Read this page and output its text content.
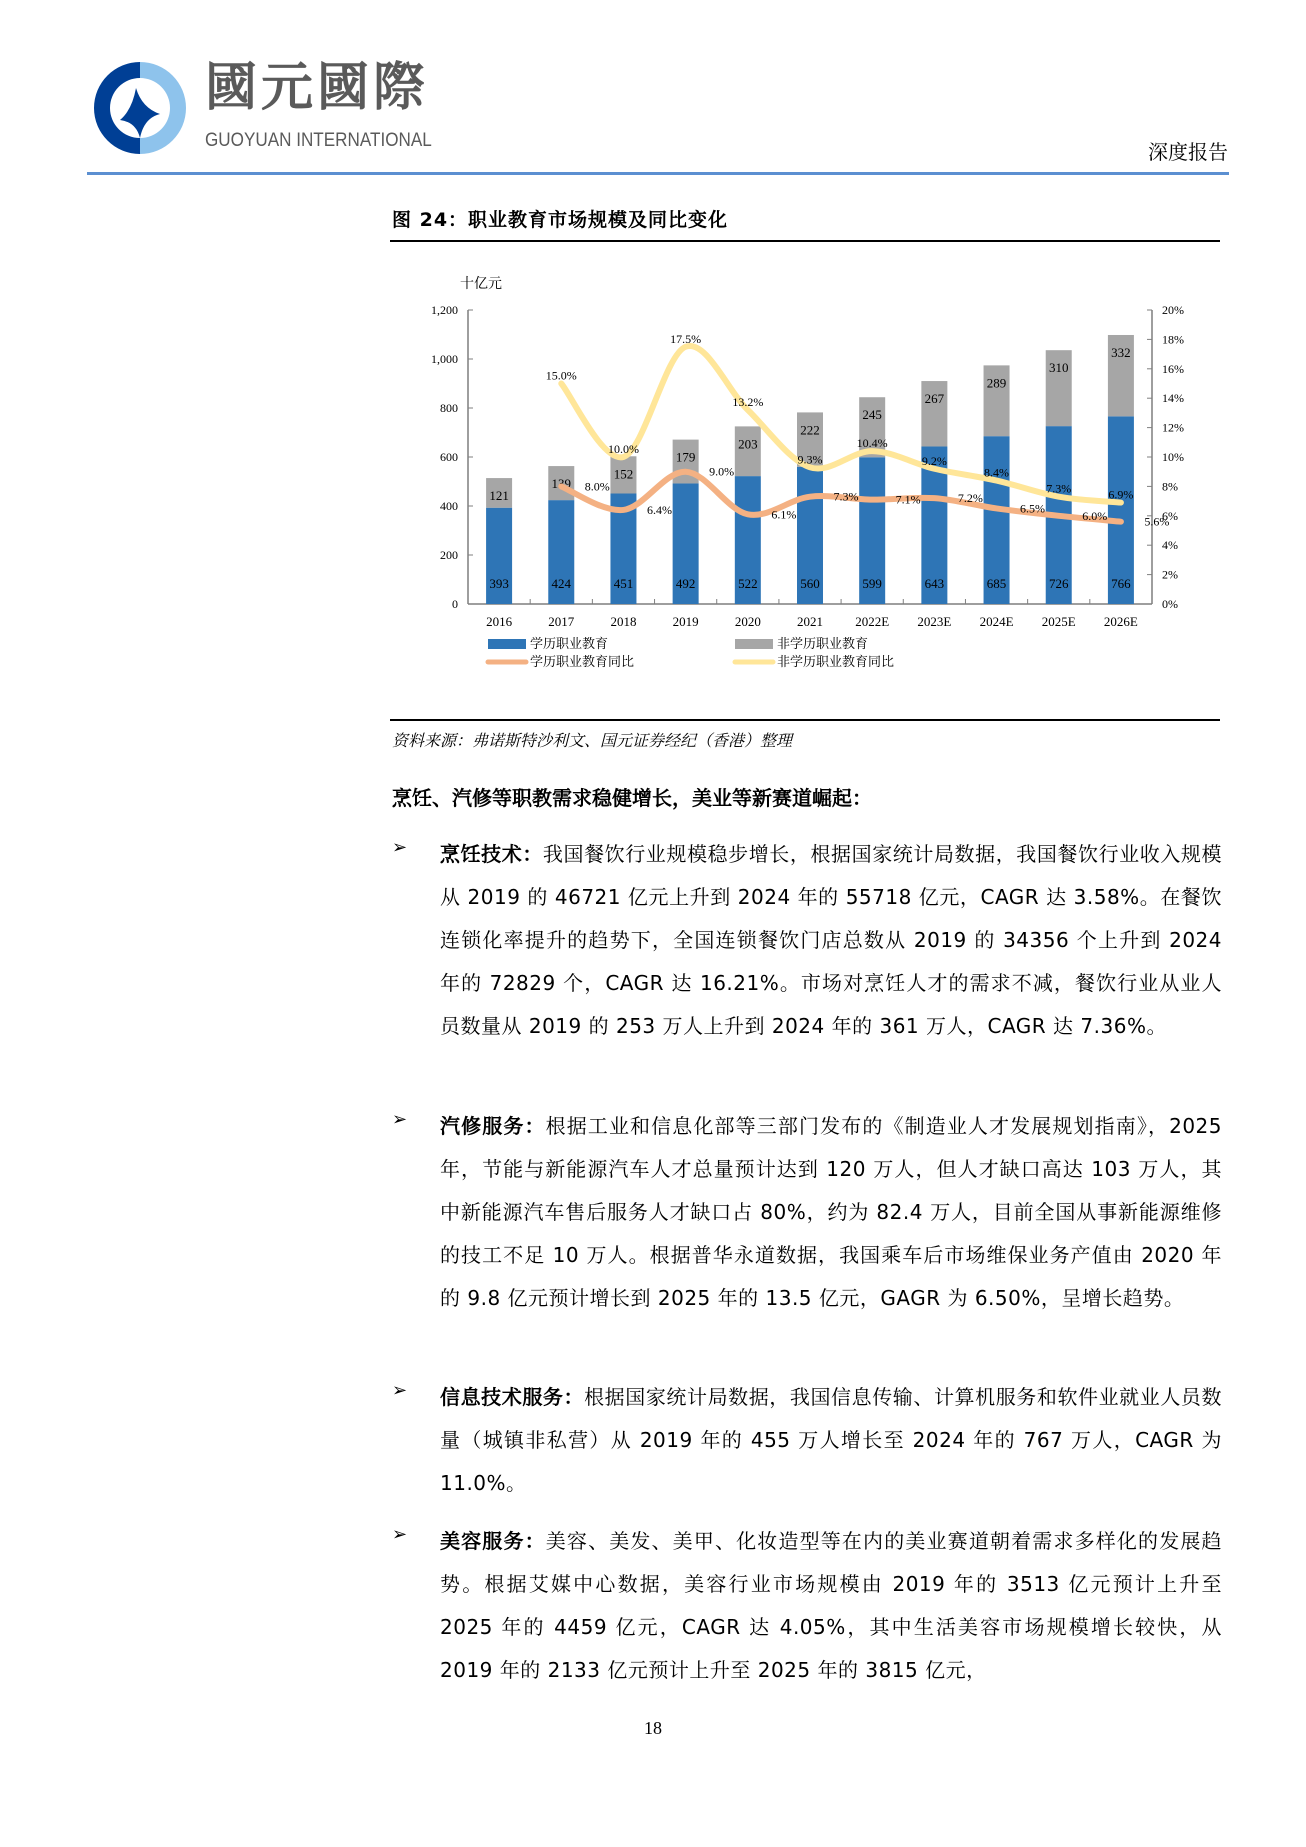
國元國際
GUOYUAN INTERNATIONAL	深度报告
图 24：职业教育市场规模及同比变化
十亿元
0
200
400
600
800
1,000
1,200
0%
2%
4%
6%
8%
10%
12%
14%
16%
18%
20%
393
121
2016
424
139
2017
451
152
2018
492
179
2019
522
203
2020
560
222
2021
599
245
2022E
643
267
2023E
685
289
2024E
726
310
2025E
766
332
2026E
15.0%
10.0%
17.5%
13.2%
9.3%
10.4%
9.2%
8.4%
7.3%	6.9%
8.0%
6.4%
9.0%
6.1%
7.3%	7.1%	7.2%
6.5%
6.0%	5.6%
学历职业教育	非学历职业教育
学历职业教育同比	非学历职业教育同比
资料来源：弗诺斯特沙利文、国元证券经纪（香港）整理
烹饪、汽修等职教需求稳健增长，美业等新赛道崛起：
➢ 烹饪技术：我国餐饮行业规模稳步增长，根据国家统计局数据，我国餐饮行业收入规模从 2019 的 46721 亿元上升到 2024 年的 55718 亿元，CAGR 达 3.58%。在餐饮连锁化率提升的趋势下，全国连锁餐饮门店总数从 2019 的 34356 个上升到 2024 年的 72829 个，CAGR 达 16.21%。市场对烹饪人才的需求不减，餐饮行业从业人员数量从 2019 的 253 万人上升到 2024 年的 361 万人，CAGR 达 7.36%。
➢ 汽修服务：根据工业和信息化部等三部门发布的《制造业人才发展规划指南》，2025 年，节能与新能源汽车人才总量预计达到 120 万人，但人才缺口高达 103 万人，其中新能源汽车售后服务人才缺口占 80%，约为 82.4 万人，目前全国从事新能源维修的技工不足 10 万人。根据普华永道数据，我国乘车后市场维保业务产值由 2020 年的 9.8 亿元预计增长到 2025 年的 13.5 亿元，GAGR 为 6.50%，呈增长趋势。
➢ 信息技术服务：根据国家统计局数据，我国信息传输、计算机服务和软件业就业人员数量（城镇非私营）从 2019 年的 455 万人增长至 2024 年的 767 万人，CAGR 为 11.0%。
➢ 美容服务：美容、美发、美甲、化妆造型等在内的美业赛道朝着需求多样化的发展趋势。根据艾媒中心数据，美容行业市场规模由 2019 年的 3513 亿元预计上升至 2025 年的 4459 亿元，CAGR 达 4.05%，其中生活美容市场规模增长较快，从 2019 年的 2133 亿元预计上升至 2025 年的 3815 亿元，
18
